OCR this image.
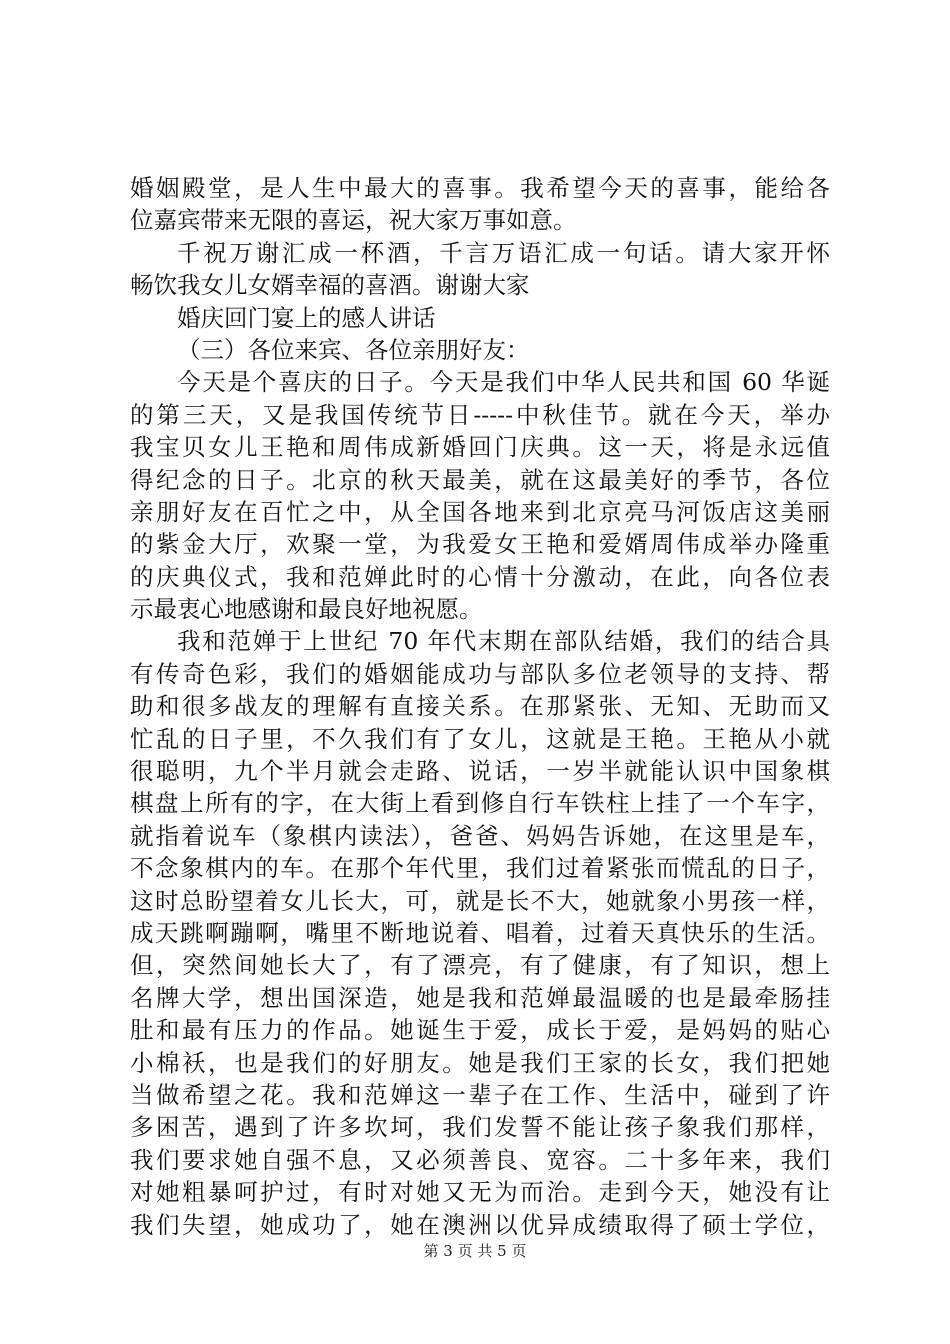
婚姻殿堂，是人生中最大的喜事。我希望今天的喜事，能给各
位嘉宾带来无限的喜运，祝大家万事如意。
千祝万谢汇成一杯酒，千言万语汇成一句话。请大家开怀
畅饮我女儿女婿幸福的喜酒。谢谢大家
婚庆回门宴上的感人讲话
（三）各位来宾、各位亲朋好友：
今天是个喜庆的日子。今天是我们中华人民共和国 60 华诞
的第三天，又是我国传统节日-----中秋佳节。就在今天，举办
我宝贝女儿王艳和周伟成新婚回门庆典。这一天，将是永远值
得纪念的日子。北京的秋天最美，就在这最美好的季节，各位
亲朋好友在百忙之中，从全国各地来到北京亮马河饭店这美丽
的紫金大厅，欢聚一堂，为我爱女王艳和爱婿周伟成举办隆重
的庆典仪式，我和范婵此时的心情十分激动，在此，向各位表
示最衷心地感谢和最良好地祝愿。
我和范婵于上世纪 70 年代末期在部队结婚，我们的结合具
有传奇色彩，我们的婚姻能成功与部队多位老领导的支持、帮
助和很多战友的理解有直接关系。在那紧张、无知、无助而又
忙乱的日子里，不久我们有了女儿，这就是王艳。王艳从小就
很聪明，九个半月就会走路、说话，一岁半就能认识中国象棋
棋盘上所有的字，在大街上看到修自行车铁柱上挂了一个车字，
就指着说车（象棋内读法），爸爸、妈妈告诉她，在这里是车，
不念象棋内的车。在那个年代里，我们过着紧张而慌乱的日子，
这时总盼望着女儿长大，可，就是长不大，她就象小男孩一样，
成天跳啊蹦啊，嘴里不断地说着、唱着，过着天真快乐的生活。
但，突然间她长大了，有了漂亮，有了健康，有了知识，想上
名牌大学，想出国深造，她是我和范婵最温暖的也是最牵肠挂
肚和最有压力的作品。她诞生于爱，成长于爱，是妈妈的贴心
小棉袄，也是我们的好朋友。她是我们王家的长女，我们把她
当做希望之花。我和范婵这一辈子在工作、生活中，碰到了许
多困苦，遇到了许多坎坷，我们发誓不能让孩子象我们那样，
我们要求她自强不息，又必须善良、宽容。二十多年来，我们
对她粗暴呵护过，有时对她又无为而治。走到今天，她没有让
我们失望，她成功了，她在澳洲以优异成绩取得了硕士学位，
第 3 页 共 5 页
